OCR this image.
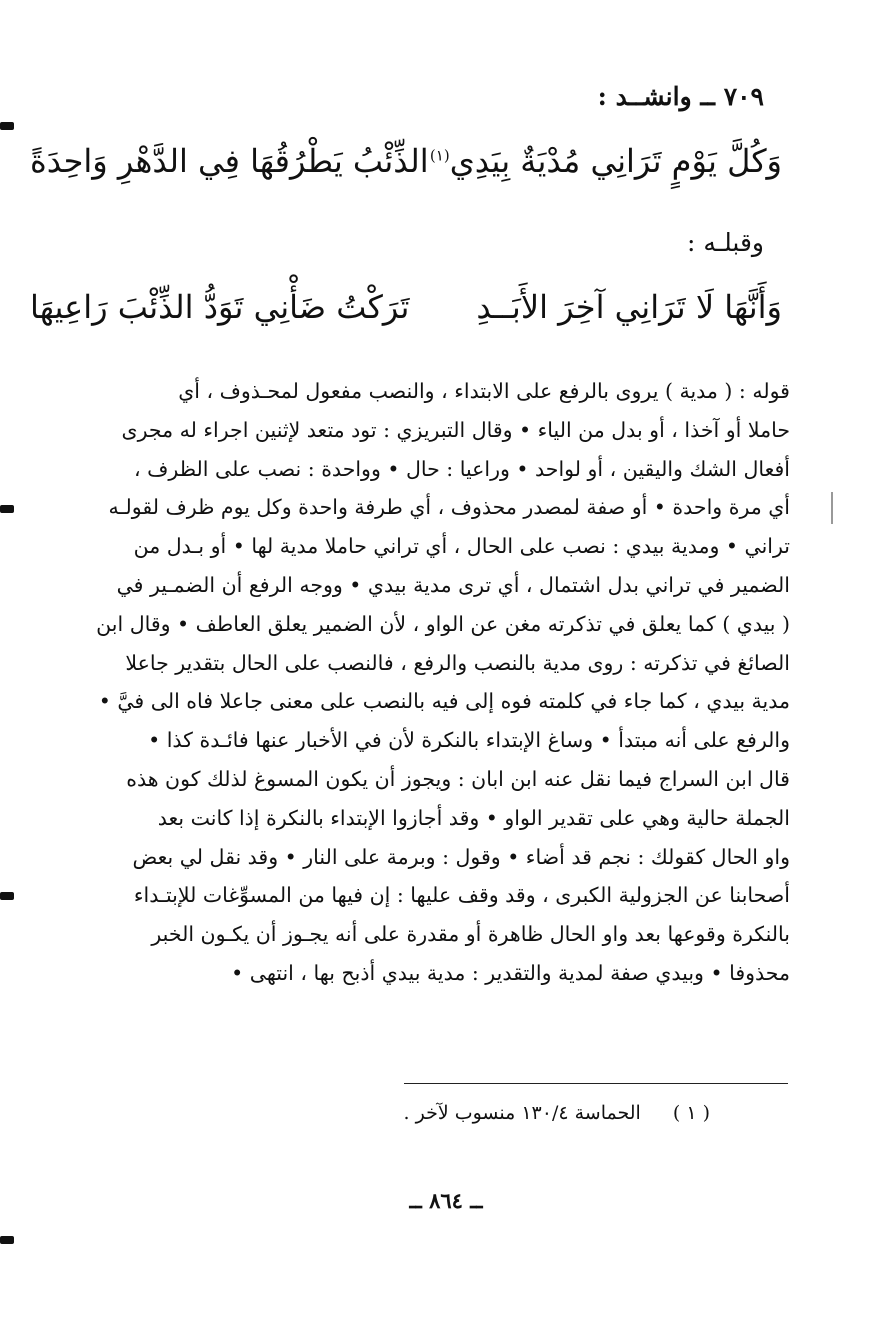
٧٠٩ ــ وانشــد :
وَكُلَّ يَوْمٍ تَرَانِي مُدْيَةٌ بِيَدِي$^{(١)}$
الذِّئْبُ يَطْرُقُهَا فِي الدَّهْرِ وَاحِدَةً
وقبلـه :
وَأَنَّهَا لَا تَرَانِي آخِرَ الأَبَــدِ
تَرَكْتُ ضَأْنِي تَوَدُّ الذِّئْبَ رَاعِيهَا
قوله : ( مدية ) يروى بالرفع على الابتداء ، والنصب مفعول لمحـذوف ، أي
حاملا أو آخذا ، أو بدل من الياء • وقال التبريزي : تود متعد لإثنين اجراء له مجرى
أفعال الشك واليقين ، أو لواحد • وراعيا : حال • وواحدة : نصب على الظرف ،
أي مرة واحدة • أو صفة لمصدر محذوف ، أي طرفة واحدة وكل يوم ظرف لقولـه
تراني • ومدية بيدي : نصب على الحال ، أي تراني حاملا مدية لها • أو بـدل من
الضمير في تراني بدل اشتمال ، أي ترى مدية بيدي • ووجه الرفع أن الضمـير في
( بيدي ) كما يعلق في تذكرته مغن عن الواو ، لأن الضمير يعلق العاطف • وقال ابن
الصائغ في تذكرته : روى مدية بالنصب والرفع ، فالنصب على الحال بتقدير جاعلا
مدية بيدي ، كما جاء في كلمته فوه إلى فيه بالنصب على معنى جاعلا فاه الى فيَّ •
والرفع على أنه مبتدأ • وساغ الإبتداء بالنكرة لأن في الأخبار عنها فائـدة كذا •
قال ابن السراج فيما نقل عنه ابن ابان : ويجوز أن يكون المسوغ لذلك كون هذه
الجملة حالية وهي على تقدير الواو • وقد أجازوا الإبتداء بالنكرة إذا كانت بعد
واو الحال كقولك : نجم قد أضاء • وقول : وبرمة على النار • وقد نقل لي بعض
أصحابنا عن الجزولية الكبرى ، وقد وقف عليها : إن فيها من المسوِّغات للإبتـداء
بالنكرة وقوعها بعد واو الحال ظاهرة أو مقدرة على أنه يجـوز أن يكـون الخبر
محذوفا • وبيدي صفة لمدية والتقدير : مدية بيدي أذبح بها ، انتهى •
( ١ ) الحماسة ١٣٠/٤ منسوب لآخر .
ــ ٨٦٤ ــ
